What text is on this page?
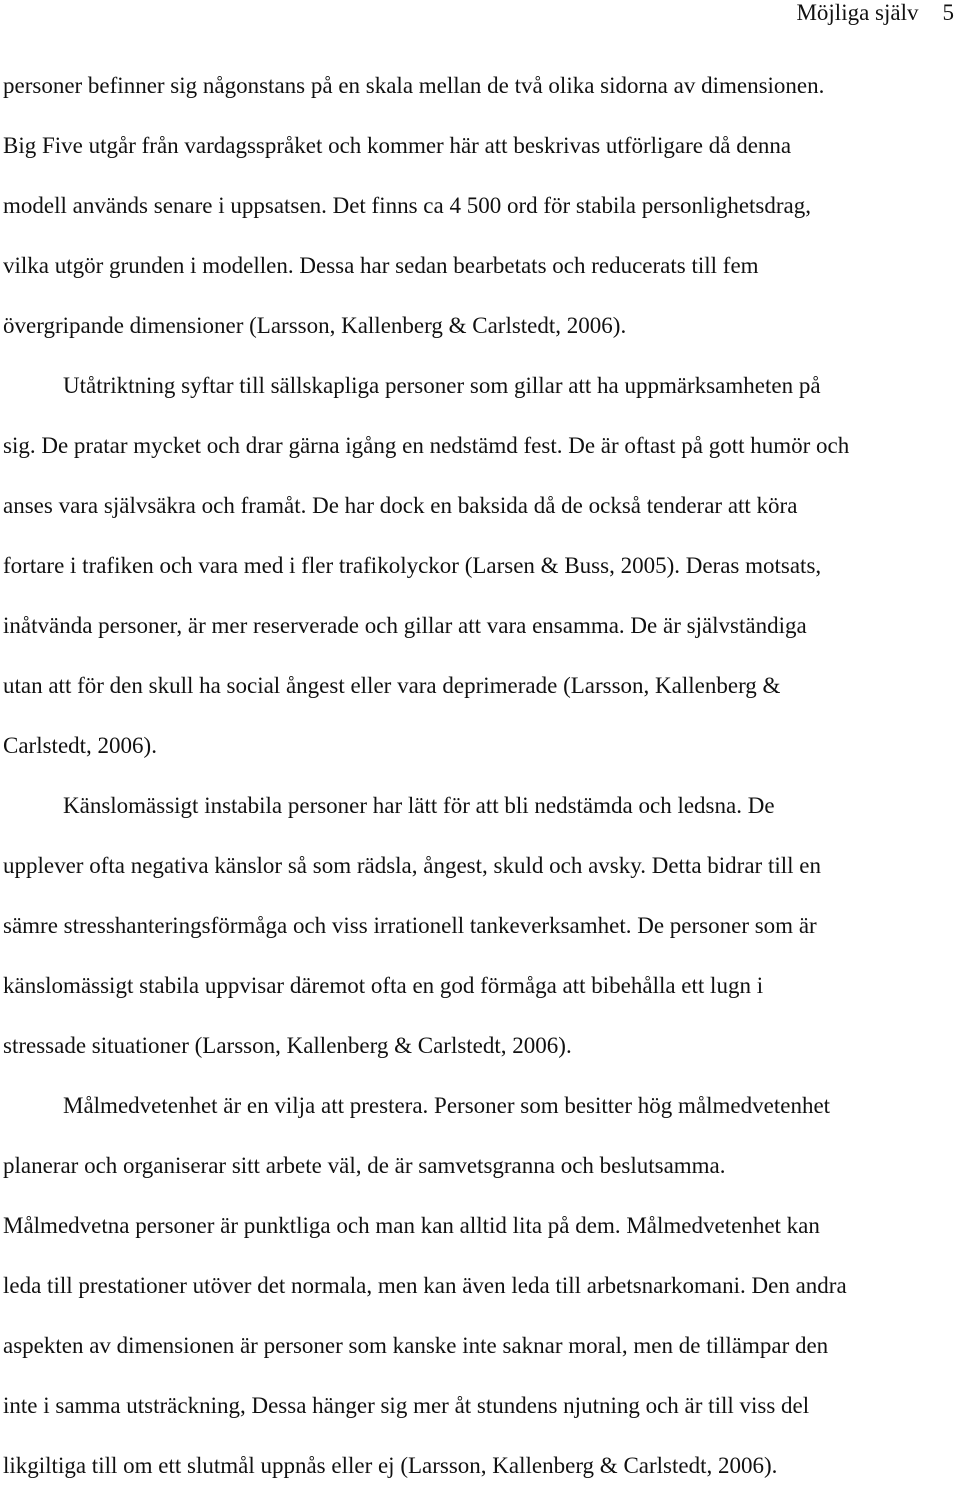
Möjliga själv 5
personer befinner sig någonstans på en skala mellan de två olika sidorna av dimensionen.
Big Five utgår från vardagsspråket och kommer här att beskrivas utförligare då denna
modell används senare i uppsatsen. Det finns ca 4 500 ord för stabila personlighetsdrag,
vilka utgör grunden i modellen. Dessa har sedan bearbetats och reducerats till fem
övergripande dimensioner (Larsson, Kallenberg & Carlstedt, 2006).
Utåtriktning syftar till sällskapliga personer som gillar att ha uppmärksamheten på
sig. De pratar mycket och drar gärna igång en nedstämd fest. De är oftast på gott humör och
anses vara självsäkra och framåt. De har dock en baksida då de också tenderar att köra
fortare i trafiken och vara med i fler trafikolyckor (Larsen & Buss, 2005). Deras motsats,
inåtvända personer, är mer reserverade och gillar att vara ensamma. De är självständiga
utan att för den skull ha social ångest eller vara deprimerade (Larsson, Kallenberg &
Carlstedt, 2006).
Känslomässigt instabila personer har lätt för att bli nedstämda och ledsna. De
upplever ofta negativa känslor så som rädsla, ångest, skuld och avsky. Detta bidrar till en
sämre stresshanteringsförmåga och viss irrationell tankeverksamhet. De personer som är
känslomässigt stabila uppvisar däremot ofta en god förmåga att bibehålla ett lugn i
stressade situationer (Larsson, Kallenberg & Carlstedt, 2006).
Målmedvetenhet är en vilja att prestera. Personer som besitter hög målmedvetenhet
planerar och organiserar sitt arbete väl, de är samvetsgranna och beslutsamma.
Målmedvetna personer är punktliga och man kan alltid lita på dem. Målmedvetenhet kan
leda till prestationer utöver det normala, men kan även leda till arbetsnarkomani. Den andra
aspekten av dimensionen är personer som kanske inte saknar moral, men de tillämpar den
inte i samma utsträckning, Dessa hänger sig mer åt stundens njutning och är till viss del
likgiltiga till om ett slutmål uppnås eller ej (Larsson, Kallenberg & Carlstedt, 2006).
